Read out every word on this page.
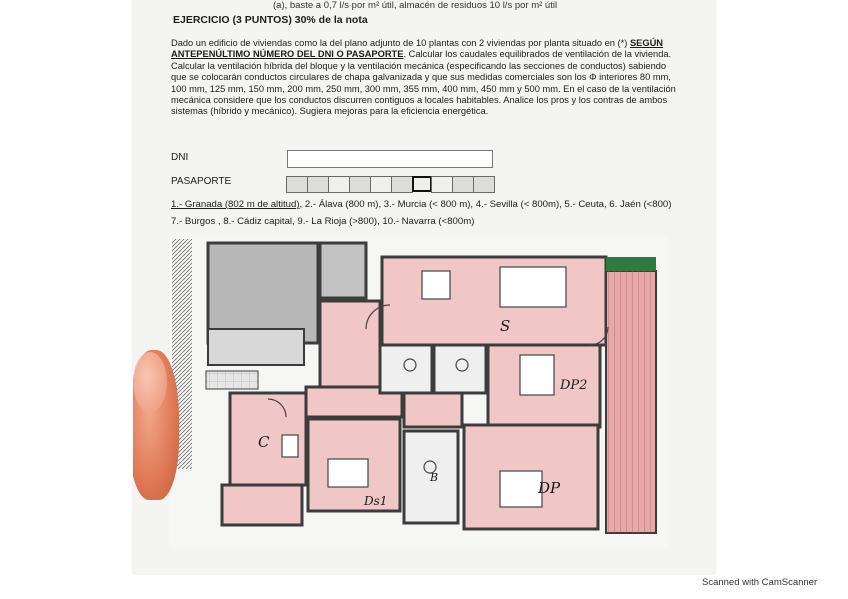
(a), baste a 0,7 l/s por m² útil, almacén de residuos 10 l/s por m² útil
EJERCICIO (3 PUNTOS) 30% de la nota
Dado un edificio de viviendas como la del plano adjunto de 10 plantas con 2 viviendas por planta situado en (*) SEGÚN ANTEPENÚLTIMO NÚMERO DEL DNI O PASAPORTE. Calcular los caudales equilibrados de ventilación de la vivienda. Calcular la ventilación híbrida del bloque y la ventilación mecánica (especificando las secciones de conductos) sabiendo que se colocarán conductos circulares de chapa galvanizada y que sus medidas comerciales son los Φ interiores 80 mm, 100 mm, 125 mm, 150 mm, 200 mm, 250 mm, 300 mm, 355 mm, 400 mm, 450 mm y 500 mm. En el caso de la ventilación mecánica considere que los conductos discurren contiguos a locales habitables. Analice los pros y los contras de ambos sistemas (híbrido y mecánico). Sugiera mejoras para la eficiencia energética.
DNI
PASAPORTE
1.- Granada (802 m de altitud), 2.- Álava (800 m), 3.- Murcia (< 800 m), 4.- Sevilla (< 800m), 5.- Ceuta, 6. Jaén (<800)
7.- Burgos , 8.- Cádiz capital, 9.- La Rioja (>800), 10.- Navarra (<800m)
S
DP2
C
Ds1
DP
B
Scanned with CamScanner
